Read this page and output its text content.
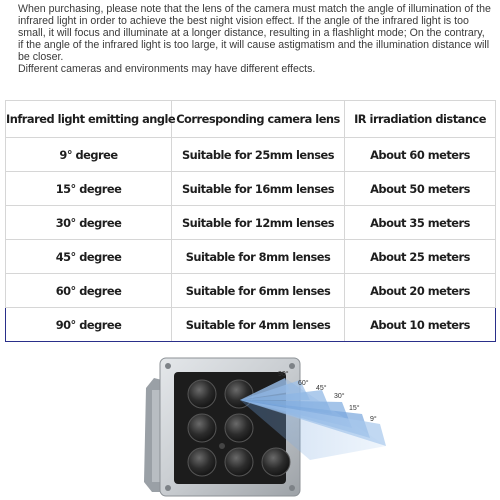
When purchasing, please note that the lens of the camera must match the angle of illumination of the infrared light in order to achieve the best night vision effect. If the angle of the infrared light is too small, it will focus and illuminate at a longer distance, resulting in a flashlight mode; On the contrary, if the angle of the infrared light is too large, it will cause astigmatism and the illumination distance will be closer.

Different cameras and environments may have different effects.

Infrared light emitting angle	Corresponding camera lens	IR irradiation distance
9° degree	Suitable for 25mm lenses	About 60 meters
15° degree	Suitable for 16mm lenses	About 50 meters
30° degree	Suitable for 12mm lenses	About 35 meters
45° degree	Suitable for 8mm lenses	About 25 meters
60° degree	Suitable for 6mm lenses	About 20 meters
90° degree	Suitable for 4mm lenses	About 10 meters
90°
60°
45°
30°
15°
9°
